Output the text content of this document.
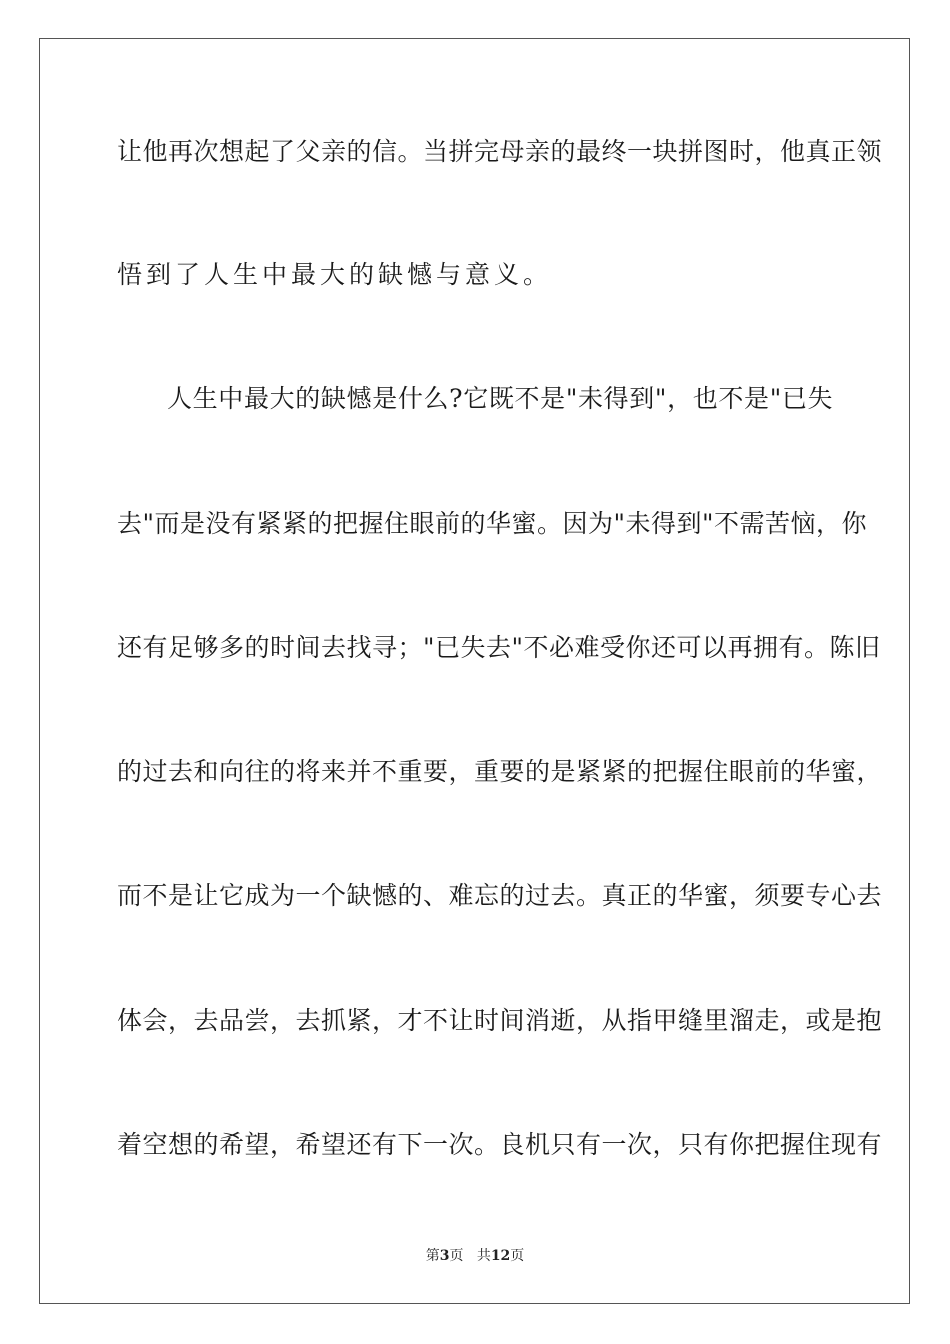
让他再次想起了父亲的信。当拼完母亲的最终一块拼图时，他真正领
悟到了人生中最大的缺憾与意义。
人生中最大的缺憾是什么?它既不是"未得到"，也不是"已失
去"而是没有紧紧的把握住眼前的华蜜。因为"未得到"不需苦恼，你
还有足够多的时间去找寻；"已失去"不必难受你还可以再拥有。陈旧
的过去和向往的将来并不重要，重要的是紧紧的把握住眼前的华蜜，
而不是让它成为一个缺憾的、难忘的过去。真正的华蜜，须要专心去
体会，去品尝，去抓紧，才不让时间消逝，从指甲缝里溜走，或是抱
着空想的希望，希望还有下一次。良机只有一次，只有你把握住现有
第3页 共12页
